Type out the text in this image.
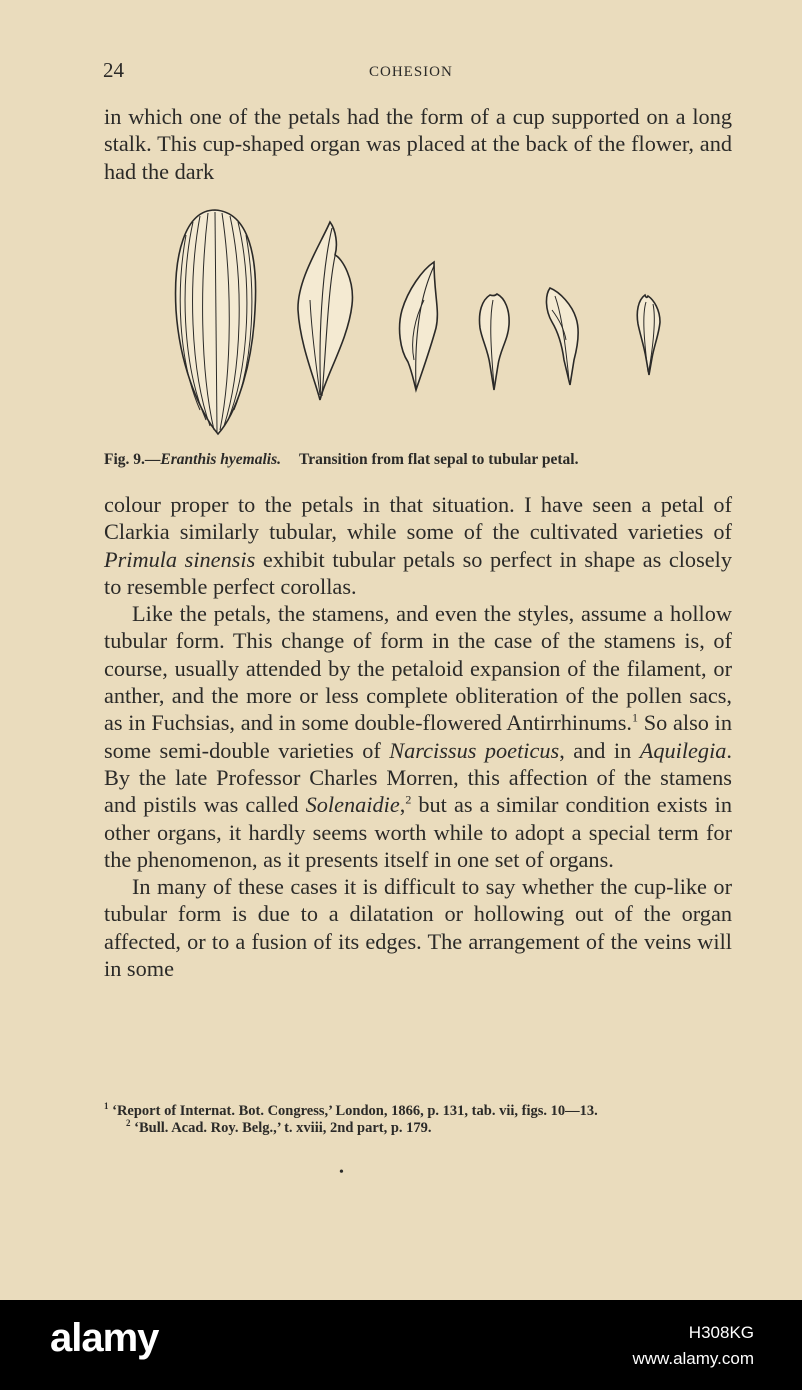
24	COHESION

in which one of the petals had the form of a cup supported on a long stalk. This cup-shaped organ was placed at the back of the flower, and had the dark

Fig. 9.—Eranthis hyemalis. Transition from flat sepal to tubular petal.

colour proper to the petals in that situation. I have seen a petal of Clarkia similarly tubular, while some of the cultivated varieties of Primula sinensis exhibit tubular petals so perfect in shape as closely to resemble perfect corollas.

Like the petals, the stamens, and even the styles, assume a hollow tubular form. This change of form in the case of the stamens is, of course, usually attended by the petaloid expansion of the filament, or anther, and the more or less complete obliteration of the pollen sacs, as in Fuchsias, and in some double-flowered Antirrhinums.$^1$ So also in some semi-double varieties of Narcissus poeticus, and in Aquilegia. By the late Professor Charles Morren, this affection of the stamens and pistils was called Solenaidie,$^2$ but as a similar condition exists in other organs, it hardly seems worth while to adopt a special term for the phenomenon, as it presents itself in one set of organs.

In many of these cases it is difficult to say whether the cup-like or tubular form is due to a dilatation or hollowing out of the organ affected, or to a fusion of its edges. The arrangement of the veins will in some

$^1$ ‘Report of Internat. Bot. Congress,’ London, 1866, p. 131, tab. vii, figs. 10—13.

$^2$ ‘Bull. Acad. Roy. Belg.,’ t. xviii, 2nd part, p. 179.

•
alamy	H308KG
www.alamy.com
